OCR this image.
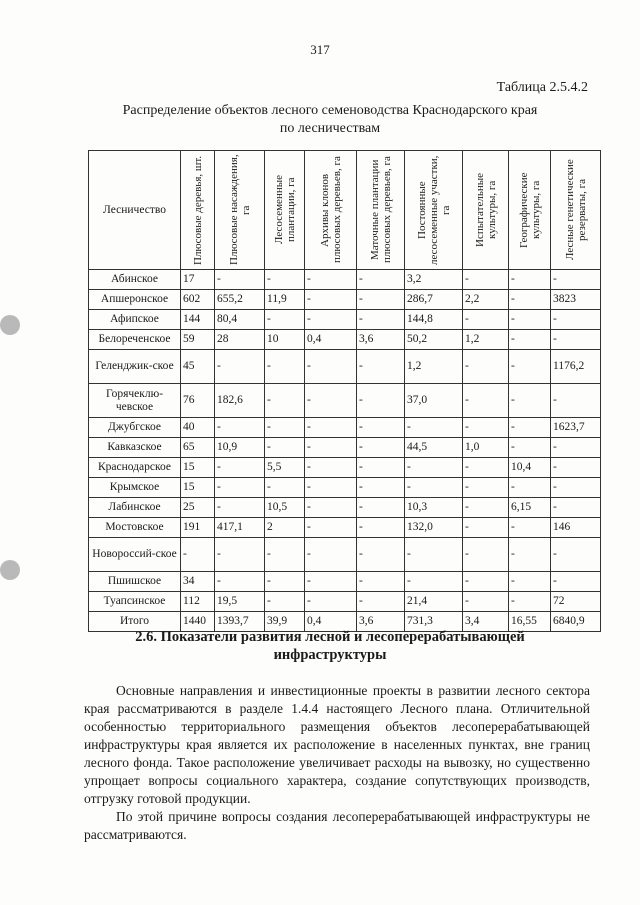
317
Таблица 2.5.4.2
Распределение объектов лесного семеноводства Краснодарского края
по лесничествам
Лесничество	Плюсовые деревья, шт.	Плюсовые насаждения, га	Лесосеменные плантации, га	Архивы клонов плюсовых деревьев, га	Маточные плантации плюсовых деревьев, га	Постоянные лесосеменные участки, га	Испытательные культуры, га	Географические культуры, га	Лесные генетические резерваты, га

Абинское	17	-	-	-	-	3,2	-	-	-
Апшеронское	602	655,2	11,9	-	-	286,7	2,2	-	3823
Афипское	144	80,4	-	-	-	144,8	-	-	-
Белореченское	59	28	10	0,4	3,6	50,2	1,2	-	-
Геленджик-ское	45	-	-	-	-	1,2	-	-	1176,2
Горячеклю-чевское	76	182,6	-	-	-	37,0	-	-	-
Джубгское	40	-	-	-	-	-	-	-	1623,7
Кавказское	65	10,9	-	-	-	44,5	1,0	-	-
Краснодарское	15	-	5,5	-	-	-	-	10,4	-
Крымское	15	-	-	-	-	-	-	-	-
Лабинское	25	-	10,5	-	-	10,3	-	6,15	-
Мостовское	191	417,1	2	-	-	132,0	-	-	146
Новороссий-ское	-	-	-	-	-	-	-	-	-
Пшишское	34	-	-	-	-	-	-	-	-
Туапсинское	112	19,5	-	-	-	21,4	-	-	72
Итого	1440	1393,7	39,9	0,4	3,6	731,3	3,4	16,55	6840,9
2.6. Показатели развития лесной и лесоперерабатывающей
инфраструктуры

Основные направления и инвестиционные проекты в развитии лесного сектора края рассматриваются в разделе 1.4.4 настоящего Лесного плана. Отличительной особенностью территориального размещения объектов лесоперерабатывающей инфраструктуры края является их расположение в населенных пунктах, вне границ лесного фонда. Такое расположение увеличивает расходы на вывозку, но существенно упрощает вопросы социального характера, создание сопутствующих производств, отгрузку готовой продукции.

По этой причине вопросы создания лесоперерабатывающей инфраструктуры не рассматриваются.
